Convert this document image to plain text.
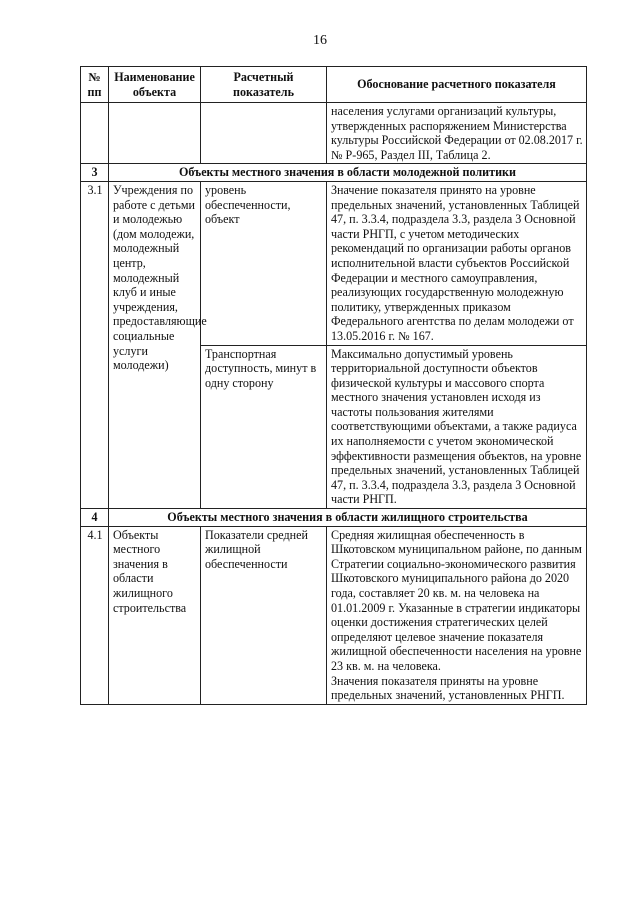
16
№ пп	Наименование объекта	Расчетный показатель	Обоснование расчетного показателя
			населения услугами организаций культуры, утвержденных распоряжением Министерства культуры Российской Федерации от 02.08.2017 г. № Р-965, Раздел III, Таблица 2.
3	Объекты местного значения в области молодежной политики		
3.1	Учреждения по работе с детьми и молодежью (дом молодежи, молодежный центр, молодежный клуб и иные учреждения, предоставляющие социальные услуги молодежи)	уровень обеспеченности, объект	Значение показателя принято на уровне предельных значений, установленных Таблицей 47, п. 3.3.4, подраздела 3.3, раздела 3 Основной части РНГП, с учетом методических рекомендаций по организации работы органов исполнительной власти субъектов Российской Федерации и местного самоуправления, реализующих государственную молодежную политику, утвержденных приказом Федерального агентства по делам молодежи от 13.05.2016 г. № 167.
		Транспортная доступность, минут в одну сторону	Максимально допустимый уровень территориальной доступности объектов физической культуры и массового спорта местного значения установлен исходя из частоты пользования жителями соответствующими объектами, а также радиуса их наполняемости с учетом экономической эффективности размещения объектов, на уровне предельных значений, установленных Таблицей 47, п. 3.3.4, подраздела 3.3, раздела 3 Основной части РНГП.
4	Объекты местного значения в области жилищного строительства		
4.1	Объекты местного значения в области жилищного строительства	Показатели средней жилищной обеспеченности	Средняя жилищная обеспеченность в Шкотовском муниципальном районе, по данным Стратегии социально-экономического развития Шкотовского муниципального района до 2020 года, составляет 20 кв. м. на человека на 01.01.2009 г. Указанные в стратегии индикаторы оценки достижения стратегических целей определяют целевое значение показателя жилищной обеспеченности населения на уровне 23 кв. м. на человека.
Значения показателя приняты на уровне предельных значений, установленных РНГП.
